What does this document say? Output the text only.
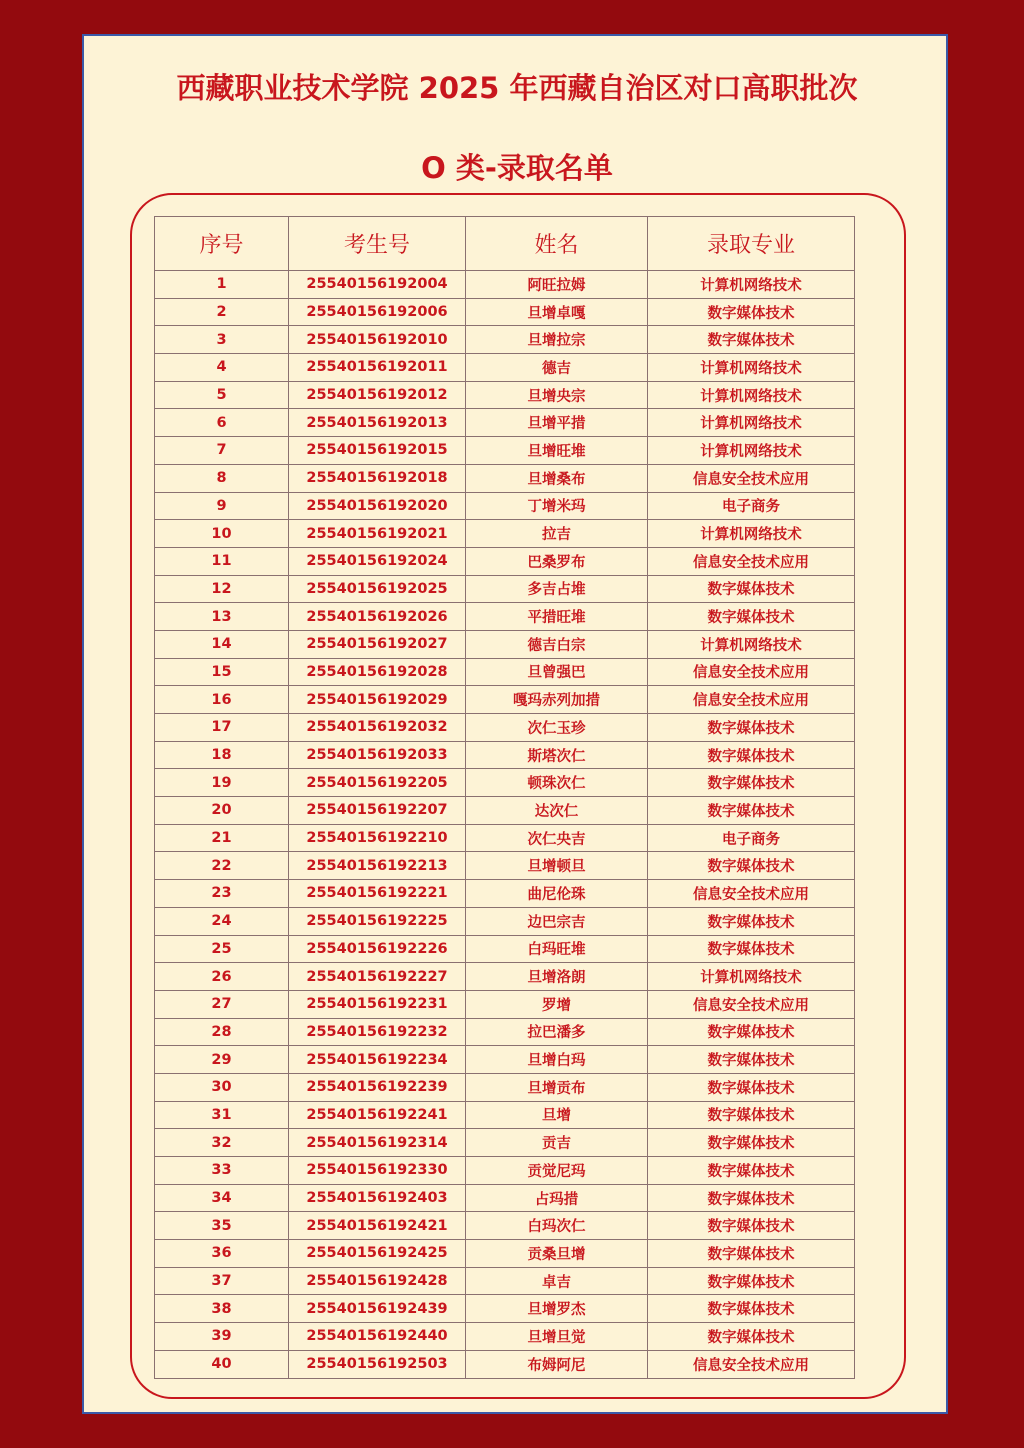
西藏职业技术学院 2025 年西藏自治区对口高职批次
O 类-录取名单
序号	考生号	姓名	录取专业
1	25540156192004	阿旺拉姆	计算机网络技术
2	25540156192006	旦增卓嘎	数字媒体技术
3	25540156192010	旦增拉宗	数字媒体技术
4	25540156192011	德吉	计算机网络技术
5	25540156192012	旦增央宗	计算机网络技术
6	25540156192013	旦增平措	计算机网络技术
7	25540156192015	旦增旺堆	计算机网络技术
8	25540156192018	旦增桑布	信息安全技术应用
9	25540156192020	丁增米玛	电子商务
10	25540156192021	拉吉	计算机网络技术
11	25540156192024	巴桑罗布	信息安全技术应用
12	25540156192025	多吉占堆	数字媒体技术
13	25540156192026	平措旺堆	数字媒体技术
14	25540156192027	德吉白宗	计算机网络技术
15	25540156192028	旦曾强巴	信息安全技术应用
16	25540156192029	嘎玛赤列加措	信息安全技术应用
17	25540156192032	次仁玉珍	数字媒体技术
18	25540156192033	斯塔次仁	数字媒体技术
19	25540156192205	顿珠次仁	数字媒体技术
20	25540156192207	达次仁	数字媒体技术
21	25540156192210	次仁央吉	电子商务
22	25540156192213	旦增顿旦	数字媒体技术
23	25540156192221	曲尼伦珠	信息安全技术应用
24	25540156192225	边巴宗吉	数字媒体技术
25	25540156192226	白玛旺堆	数字媒体技术
26	25540156192227	旦增洛朗	计算机网络技术
27	25540156192231	罗增	信息安全技术应用
28	25540156192232	拉巴潘多	数字媒体技术
29	25540156192234	旦增白玛	数字媒体技术
30	25540156192239	旦增贡布	数字媒体技术
31	25540156192241	旦增	数字媒体技术
32	25540156192314	贡吉	数字媒体技术
33	25540156192330	贡觉尼玛	数字媒体技术
34	25540156192403	占玛措	数字媒体技术
35	25540156192421	白玛次仁	数字媒体技术
36	25540156192425	贡桑旦增	数字媒体技术
37	25540156192428	卓吉	数字媒体技术
38	25540156192439	旦增罗杰	数字媒体技术
39	25540156192440	旦增旦觉	数字媒体技术
40	25540156192503	布姆阿尼	信息安全技术应用
